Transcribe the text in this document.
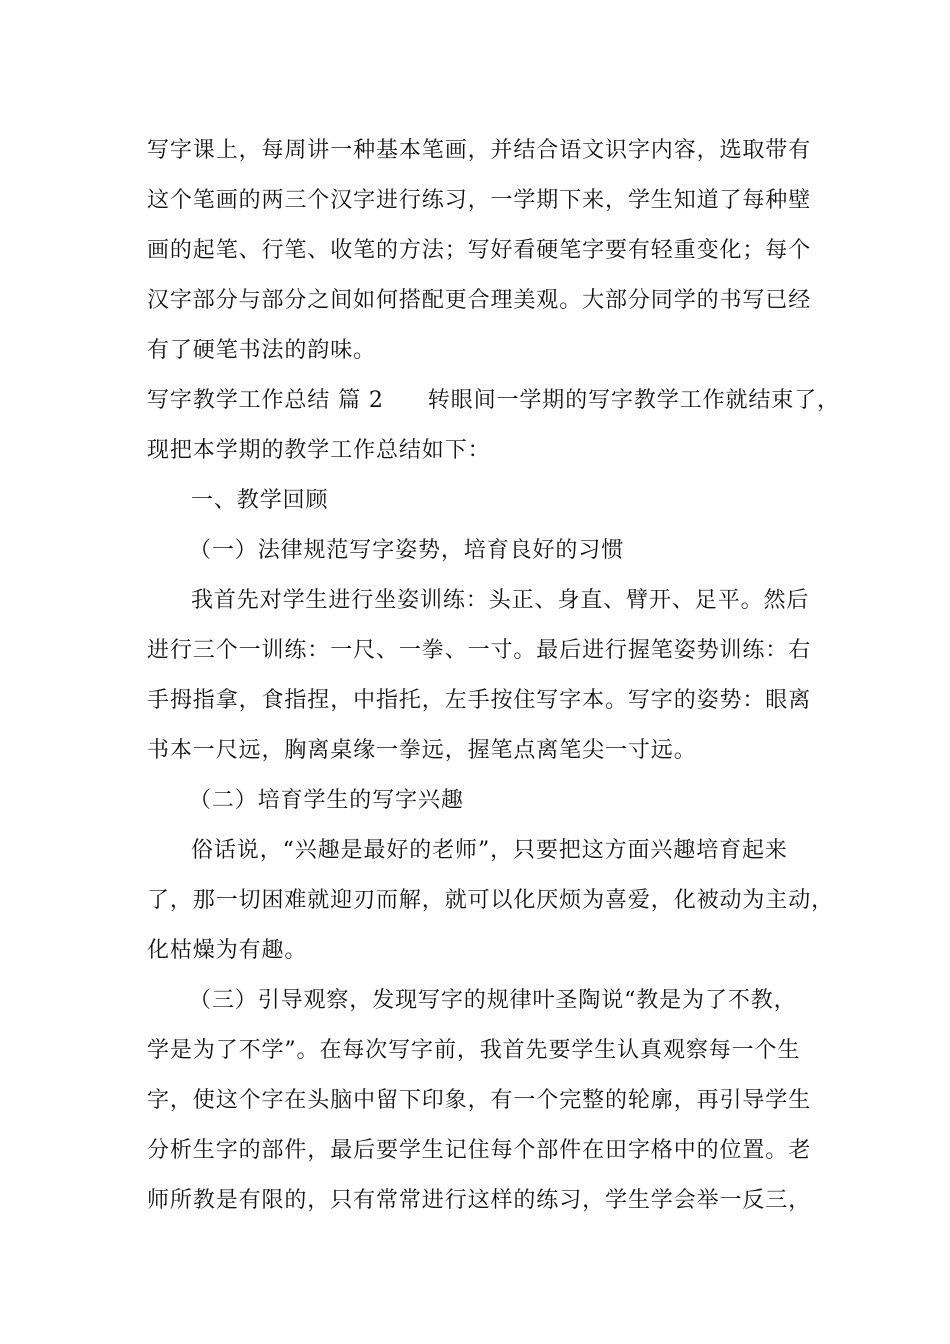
写字课上，每周讲一种基本笔画，并结合语文识字内容，选取带有
这个笔画的两三个汉字进行练习，一学期下来，学生知道了每种壁
画的起笔、行笔、收笔的方法；写好看硬笔字要有轻重变化；每个
汉字部分与部分之间如何搭配更合理美观。大部分同学的书写已经
有了硬笔书法的韵味。
写字教学工作总结 篇 2 转眼间一学期的写字教学工作就结束了，
现把本学期的教学工作总结如下：
一、教学回顾
（一）法律规范写字姿势，培育良好的习惯
我首先对学生进行坐姿训练：头正、身直、臂开、足平。然后
进行三个一训练：一尺、一拳、一寸。最后进行握笔姿势训练：右
手拇指拿，食指捏，中指托，左手按住写字本。写字的姿势：眼离
书本一尺远，胸离桌缘一拳远，握笔点离笔尖一寸远。
（二）培育学生的写字兴趣
俗话说，“兴趣是最好的老师”，只要把这方面兴趣培育起来
了，那一切困难就迎刃而解，就可以化厌烦为喜爱，化被动为主动，
化枯燥为有趣。
（三）引导观察，发现写字的规律叶圣陶说“教是为了不教，
学是为了不学”。在每次写字前，我首先要学生认真观察每一个生
字，使这个字在头脑中留下印象，有一个完整的轮廓，再引导学生
分析生字的部件，最后要学生记住每个部件在田字格中的位置。老
师所教是有限的，只有常常进行这样的练习，学生学会举一反三，
